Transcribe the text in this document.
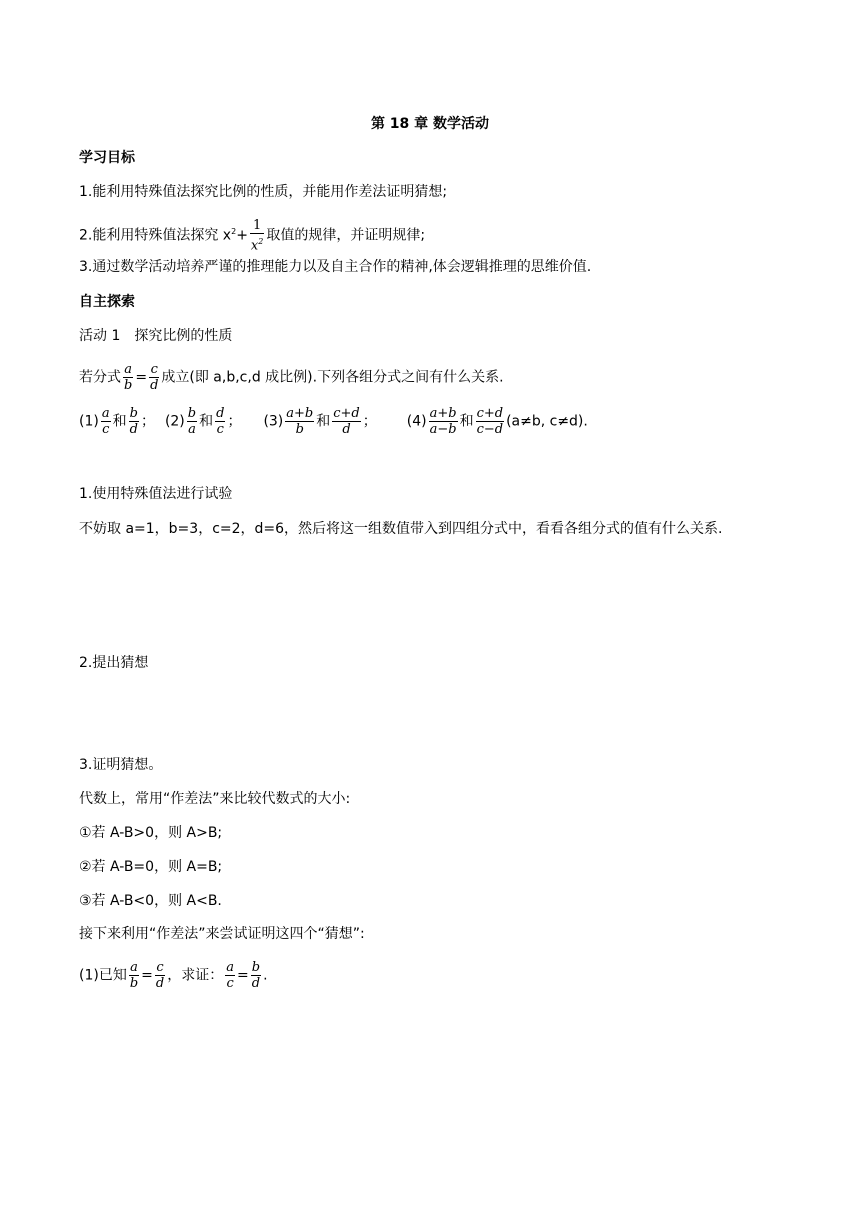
第 18 章 数学活动
学习目标
1.能利用特殊值法探究比例的性质，并能用作差法证明猜想;
2.能利用特殊值法探究 $x^2+ \frac{1}{x^2}$ 取值的规律，并证明规律;
3.通过数学活动培养严谨的推理能力以及自主合作的精神,体会逻辑推理的思维价值.
自主探索
活动 1　探究比例的性质
若分式 $\frac{a}{b} = \frac{c}{d}$ 成立(即 a,b,c,d 成比例).下列各组分式之间有什么关系.
$(1) \frac{a}{c}$ 和 $\frac{b}{d}$ ； $(2) \frac{b}{a}$ 和 $\frac{d}{c}$ ； $(3) \frac{a+b}{b}$ 和 $\frac{c+d}{d}$ ； $(4) \frac{a+b}{a-b}$ 和 $\frac{c+d}{c-d} (a\ne b$, c≠d).
1.使用特殊值法进行试验
不妨取 a=1，b=3，c=2，d=6，然后将这一组数值带入到四组分式中，看看各组分式的值有什么关系.
2.提出猜想
3.证明猜想。
代数上，常用“作差法”来比较代数式的大小:
①若 A-B>0，则 A>B;
②若 A-B=0，则 A=B;
③若 A-B<0，则 A<B.
接下来利用“作差法”来尝试证明这四个“猜想”:
(1)已知 $\frac{a}{b} = \frac{c}{d}$ ，求证： $\frac{a}{c} = \frac{b}{d}$ .
